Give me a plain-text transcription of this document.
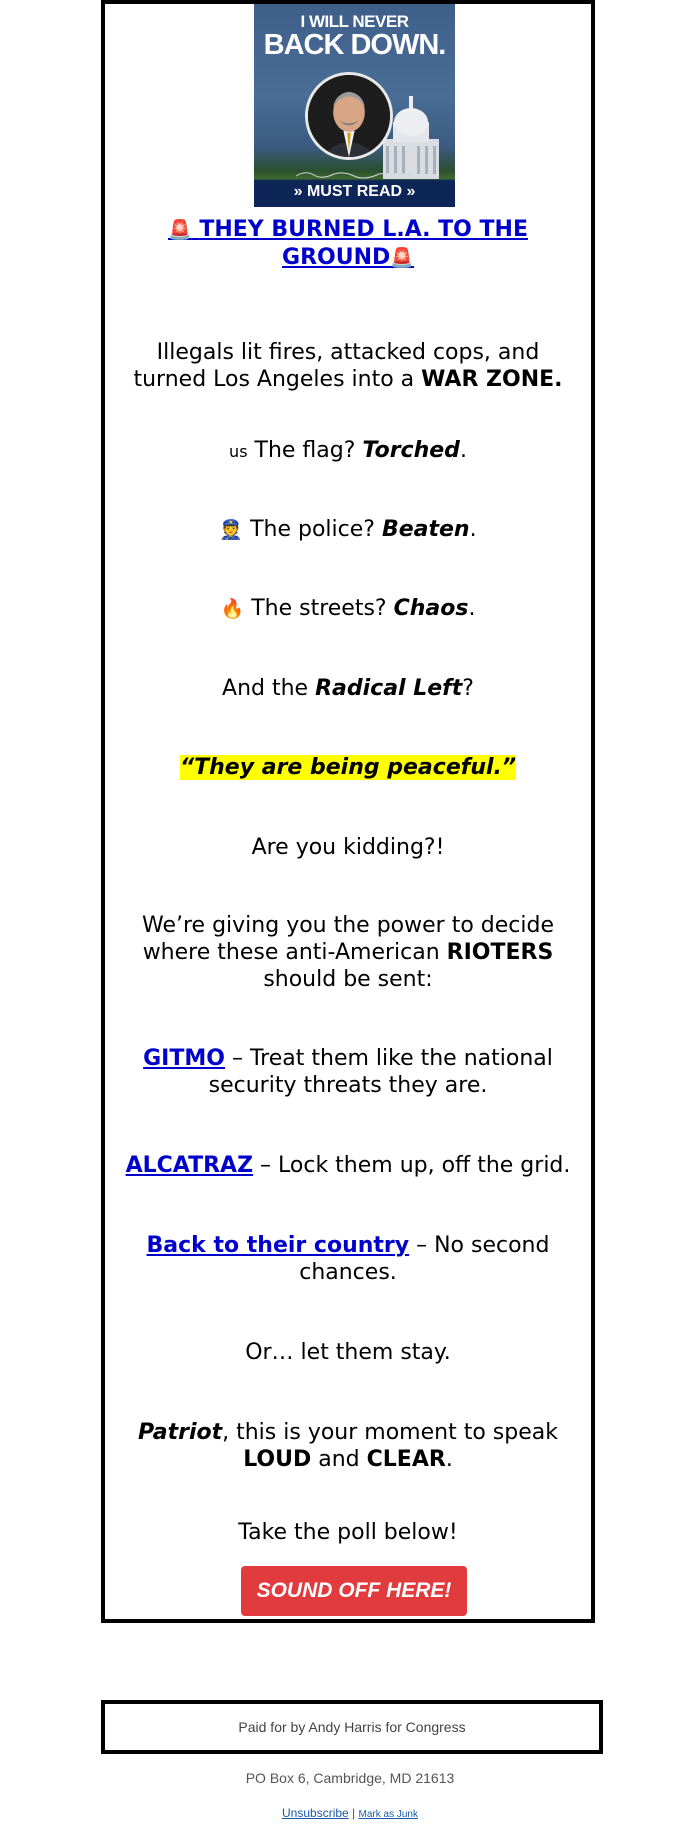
I WILL NEVER
BACK DOWN.
» MUST READ »
🚨 THEY BURNED L.A. TO THE GROUND🚨
Illegals lit fires, attacked cops, and turned Los Angeles into a WAR ZONE.
us The flag? Torched.
👮 The police? Beaten.
🔥 The streets? Chaos.
And the Radical Left?
“They are being peaceful.”
Are you kidding?!
We’re giving you the power to decide where these anti-American RIOTERS should be sent:
GITMO – Treat them like the national security threats they are.
ALCATRAZ – Lock them up, off the grid.
Back to their country – No second chances.
Or… let them stay.
Patriot, this is your moment to speak LOUD and CLEAR.
Take the poll below!
SOUND OFF HERE!
Paid for by Andy Harris for Congress
PO Box 6, Cambridge, MD 21613
Unsubscribe | Mark as Junk
